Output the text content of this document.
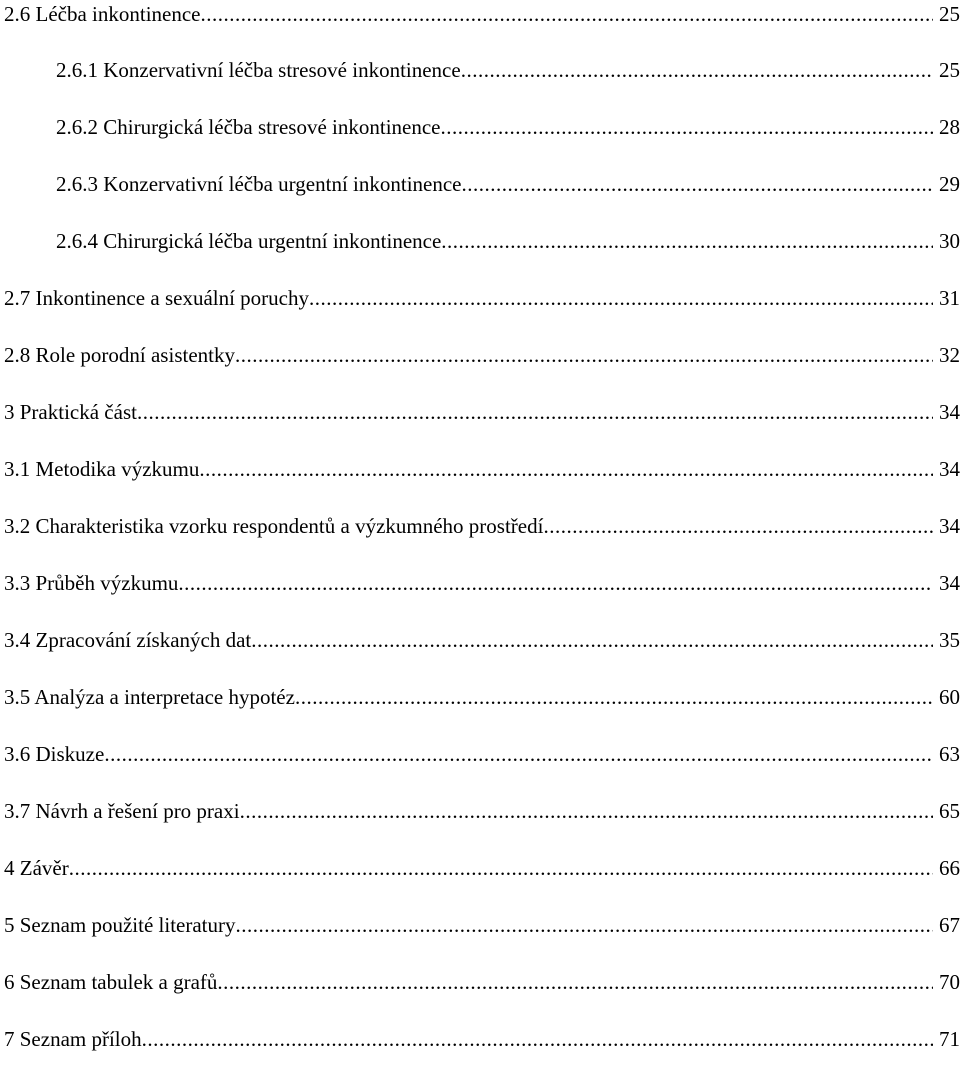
2.6 Léčba inkontinence .....	25
2.6.1 Konzervativní léčba stresové inkontinence .....	25
2.6.2 Chirurgická léčba stresové inkontinence .....	28
2.6.3 Konzervativní léčba urgentní inkontinence .....	29
2.6.4 Chirurgická léčba urgentní inkontinence .....	30
2.7 Inkontinence a sexuální poruchy .....	31
2.8 Role porodní asistentky .....	32
3 Praktická část .....	34
3.1 Metodika výzkumu .....	34
3.2 Charakteristika vzorku respondentů a výzkumného prostředí .....	34
3.3 Průběh výzkumu .....	34
3.4 Zpracování získaných dat .....	35
3.5 Analýza a interpretace hypotéz .....	60
3.6 Diskuze .....	63
3.7 Návrh a řešení pro praxi .....	65
4 Závěr .....	66
5 Seznam použité literatury .....	67
6 Seznam tabulek a grafů .....	70
7 Seznam příloh .....	71
